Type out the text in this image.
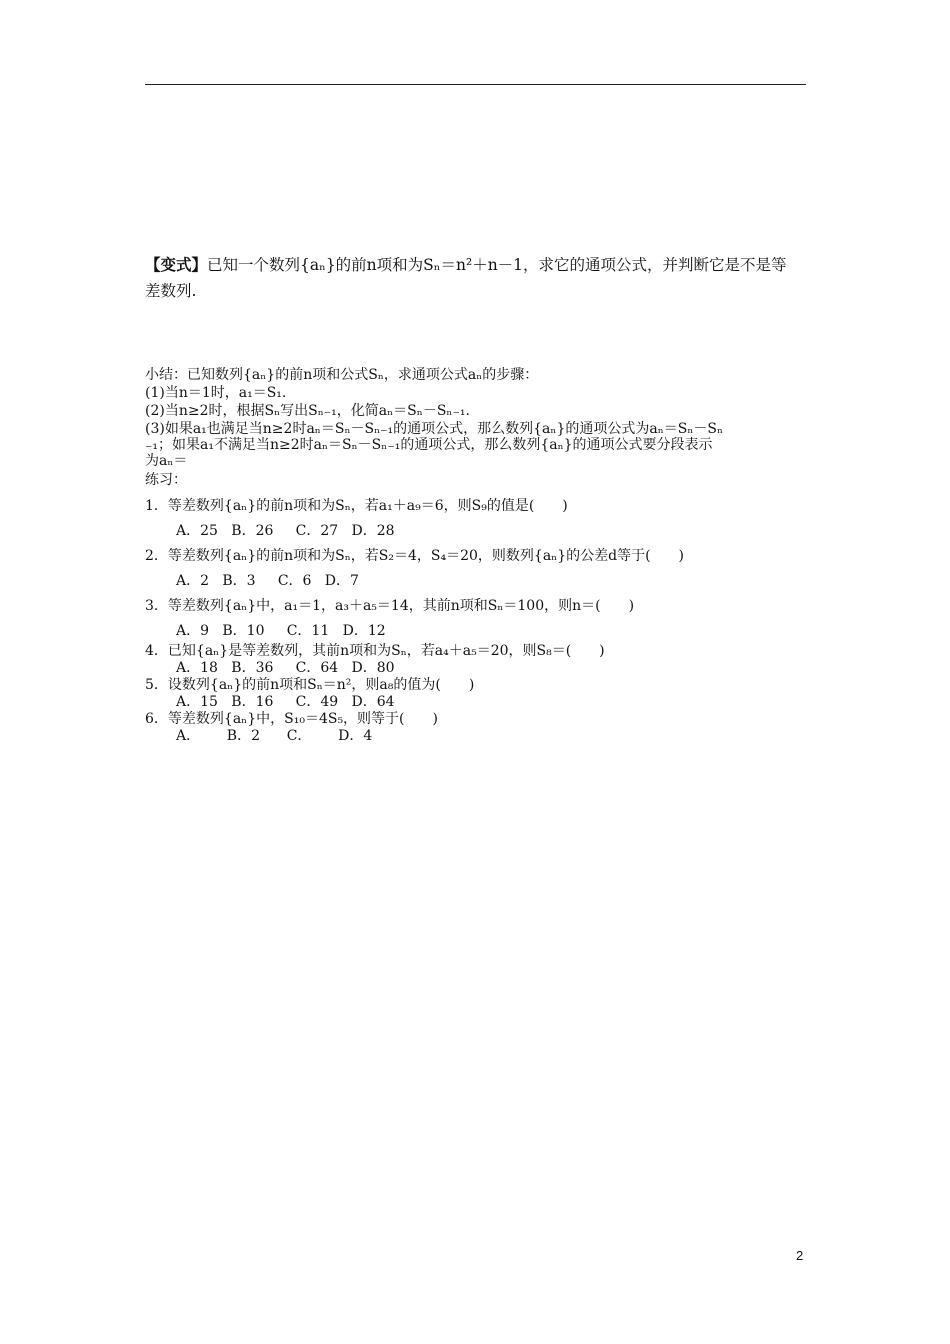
【变式】已知一个数列{aₙ}的前n项和为Sₙ＝n²＋n－1，求它的通项公式，并判断它是不是等
差数列.
小结：已知数列{aₙ}的前n项和公式Sₙ，求通项公式aₙ的步骤：
(1)当n＝1时，a₁＝S₁.
(2)当n≥2时，根据Sₙ写出Sₙ₋₁，化简aₙ＝Sₙ－Sₙ₋₁.
(3)如果a₁也满足当n≥2时aₙ＝Sₙ－Sₙ₋₁的通项公式，那么数列{aₙ}的通项公式为aₙ＝Sₙ－Sₙ
₋₁；如果a₁不满足当n≥2时aₙ＝Sₙ－Sₙ₋₁的通项公式，那么数列{aₙ}的通项公式要分段表示
为aₙ＝
练习：
1．等差数列{aₙ}的前n项和为Sₙ，若a₁＋a₉＝6，则S₉的值是(　　)
A．25   B．26     C．27   D．28
2．等差数列{aₙ}的前n项和为Sₙ，若S₂＝4，S₄＝20，则数列{aₙ}的公差d等于(　　)
A．2   B．3     C．6   D．7
3．等差数列{aₙ}中，a₁＝1，a₃＋a₅＝14，其前n项和Sₙ＝100，则n＝(　　)
A．9   B．10     C．11   D．12
4．已知{aₙ}是等差数列，其前n项和为Sₙ，若a₄＋a₅＝20，则S₈＝(　　)
A．18   B．36     C．64   D．80
5．设数列{aₙ}的前n项和Sₙ＝n²，则a₈的值为(　　)
A．15   B．16     C．49   D．64
6．等差数列{aₙ}中，S₁₀＝4S₅，则等于(　　)
A．      B．2      C．      D．4
2
